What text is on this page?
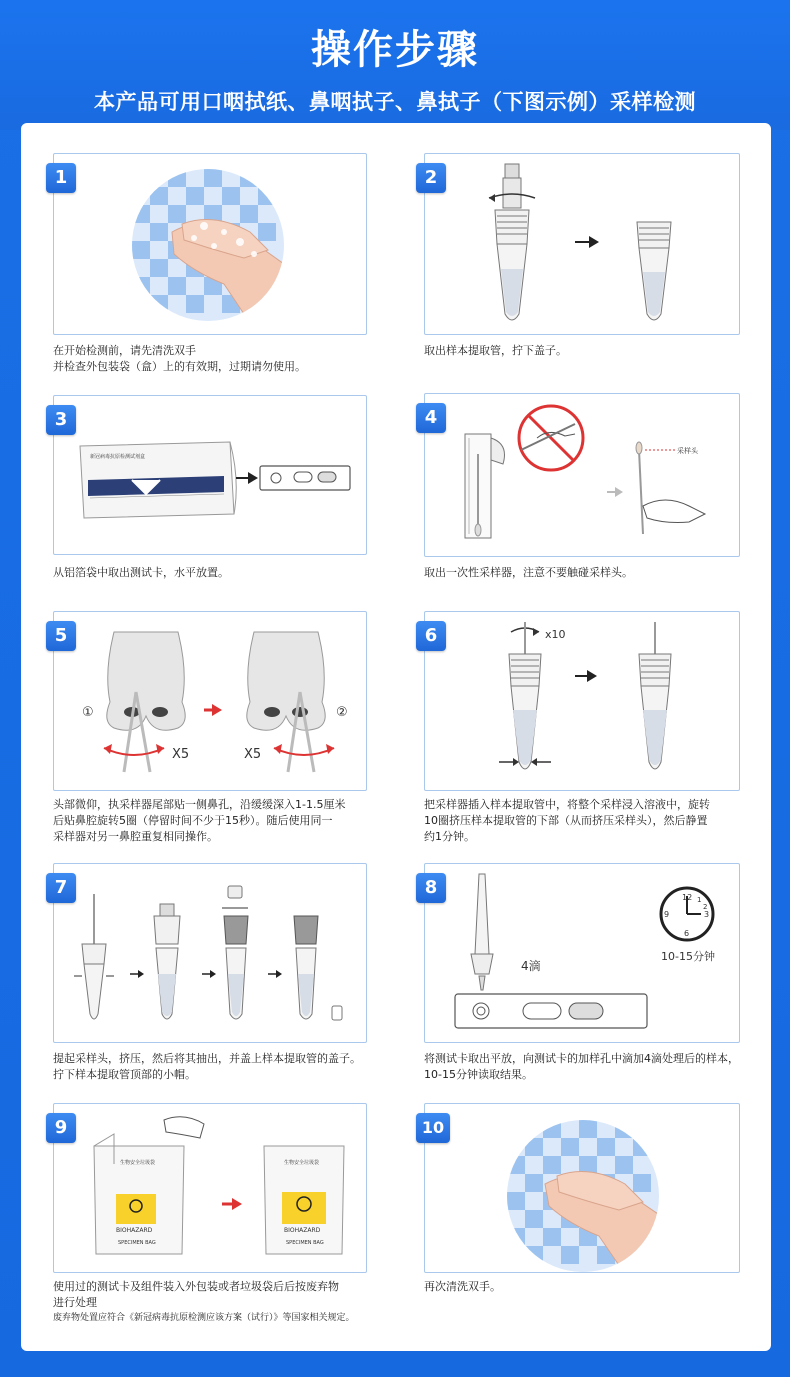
操作步骤
本产品可用口咽拭纸、鼻咽拭子、鼻拭子（下图示例）采样检测
1
在开始检测前，请先清洗双手
并检查外包装袋（盒）上的有效期，过期请勿使用。
2
取出样本提取管，拧下盖子。
新冠病毒抗原检测试剂盒
3
从铝箔袋中取出测试卡，水平放置。
采样头
4
取出一次性采样器，注意不要触碰采样头。
X5
①
X5
②
5
头部微仰，执采样器尾部贴一侧鼻孔，沿缓缓深入1-1.5厘米
后贴鼻腔旋转5圈（停留时间不少于15秒）。随后使用同一
采样器对另一鼻腔重复相同操作。
x10
6
把采样器插入样本提取管中，将整个采样浸入溶液中，旋转
10圈挤压样本提取管的下部（从而挤压采样头），然后静置
约1分钟。
7
提起采样头，挤压，然后将其抽出，并盖上样本提取管的盖子。
拧下样本提取管顶部的小帽。
4滴
12
3
6
9
1
2
10-15分钟
8
将测试卡取出平放，向测试卡的加样孔中滴加4滴处理后的样本，
10-15分钟读取结果。
生物安全垃圾袋
BIOHAZARD
SPECIMEN BAG
生物安全垃圾袋
BIOHAZARD
SPECIMEN BAG
9
使用过的测试卡及组件装入外包装或者垃圾袋后后按废弃物
进行处理
废弃物处置应符合《新冠病毒抗原检测应该方案（试行）》等国家相关规定。
10
再次清洗双手。
